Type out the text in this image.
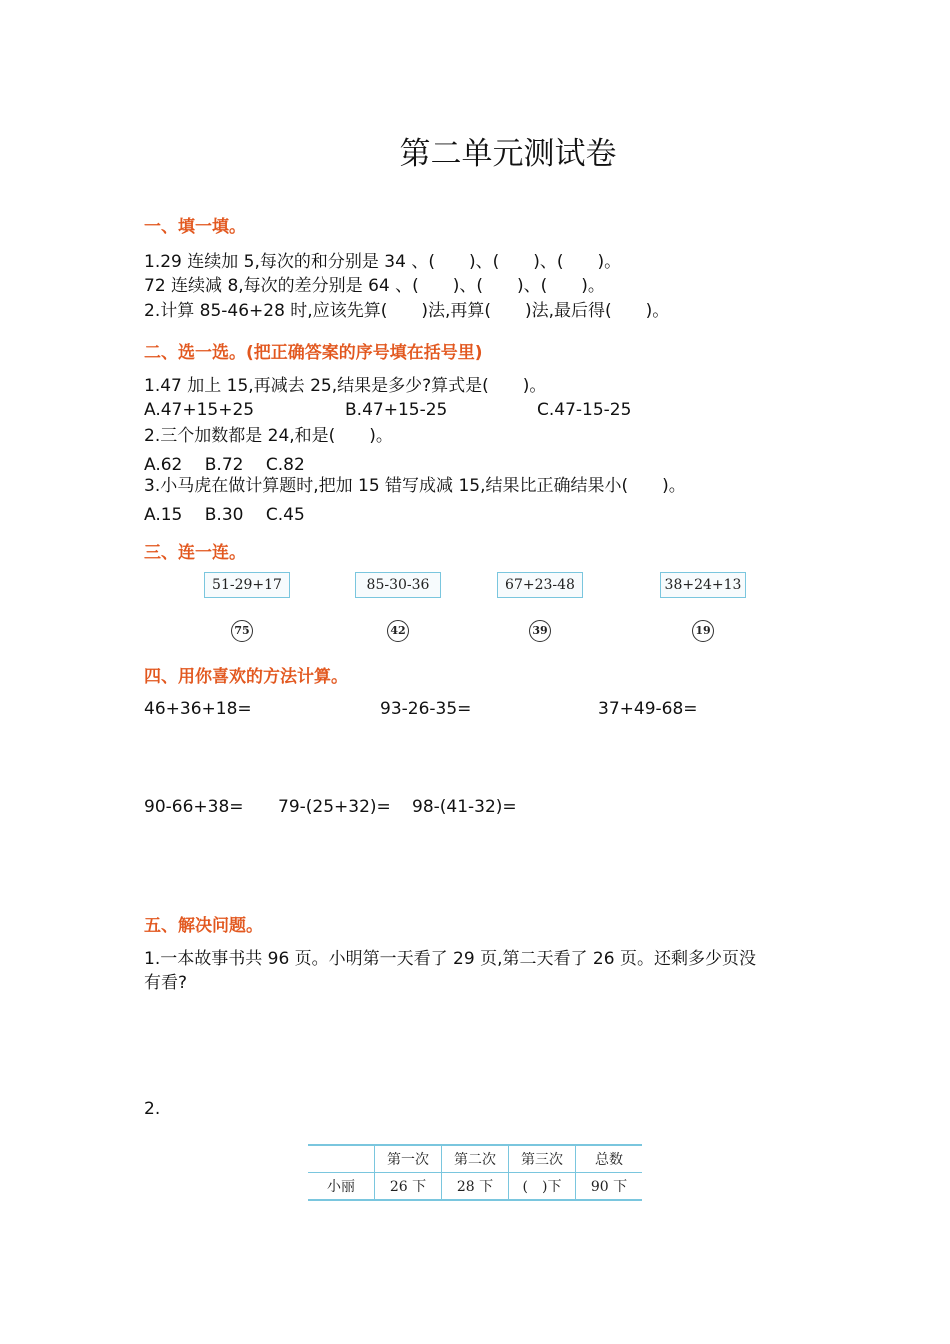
第二单元测试卷
一、填一填。
1.29 连续加 5,每次的和分别是 34 、(　　)、(　　)、(　　)。
72 连续减 8,每次的差分别是 64 、(　　)、(　　)、(　　)。
2.计算 85-46+28 时,应该先算(　　)法,再算(　　)法,最后得(　　)。
二、选一选。(把正确答案的序号填在括号里)
1.47 加上 15,再减去 25,结果是多少?算式是(　　)。
A.47+15+25	B.47+15-25	C.47-15-25
2.三个加数都是 24,和是(　　)。
A.62　 B.72　 C.82
3.小马虎在做计算题时,把加 15 错写成减 15,结果比正确结果小(　　)。
A.15　 B.30　 C.45
三、连一连。
51-29+17	85-30-36	67+23-48	38+24+13
75	42	39	19
四、用你喜欢的方法计算。
46+36+18=	93-26-35=	37+49-68=
90-66+38= 79-(25+32)= 98-(41-32)=
五、解决问题。
1.一本故事书共 96 页。小明第一天看了 29 页,第二天看了 26 页。还剩多少页没
有看?
2.
	第一次	第二次	第三次	总数
小丽	26 下	28 下	(　)下	90 下
